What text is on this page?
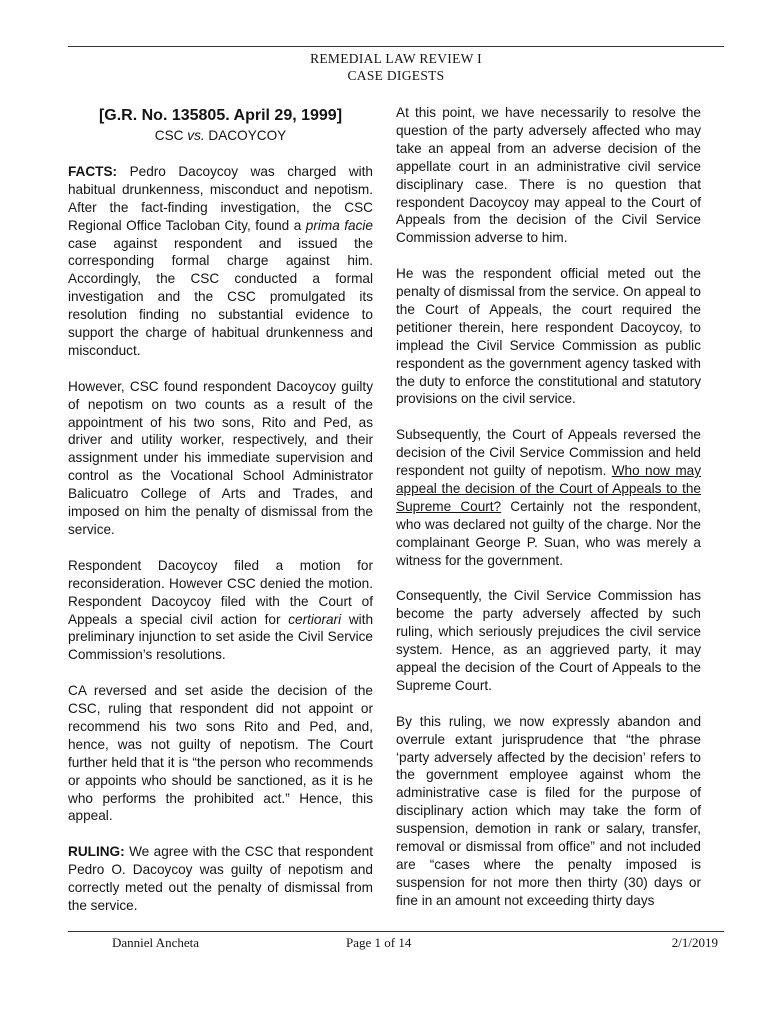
REMEDIAL LAW REVIEW I
CASE DIGESTS
[G.R. No. 135805. April 29, 1999]
CSC vs. DACOYCOY

FACTS: Pedro Dacoycoy was charged with habitual drunkenness, misconduct and nepotism. After the fact-finding investigation, the CSC Regional Office Tacloban City, found a prima facie case against respondent and issued the corresponding formal charge against him. Accordingly, the CSC conducted a formal investigation and the CSC promulgated its resolution finding no substantial evidence to support the charge of habitual drunkenness and misconduct.

However, CSC found respondent Dacoycoy guilty of nepotism on two counts as a result of the appointment of his two sons, Rito and Ped, as driver and utility worker, respectively, and their assignment under his immediate supervision and control as the Vocational School Administrator Balicuatro College of Arts and Trades, and imposed on him the penalty of dismissal from the service.

Respondent Dacoycoy filed a motion for reconsideration. However CSC denied the motion. Respondent Dacoycoy filed with the Court of Appeals a special civil action for certiorari with preliminary injunction to set aside the Civil Service Commission’s resolutions.

CA reversed and set aside the decision of the CSC, ruling that respondent did not appoint or recommend his two sons Rito and Ped, and, hence, was not guilty of nepotism. The Court further held that it is “the person who recommends or appoints who should be sanctioned, as it is he who performs the prohibited act.” Hence, this appeal.

RULING: We agree with the CSC that respondent Pedro O. Dacoycoy was guilty of nepotism and correctly meted out the penalty of dismissal from the service.

At this point, we have necessarily to resolve the question of the party adversely affected who may take an appeal from an adverse decision of the appellate court in an administrative civil service disciplinary case. There is no question that respondent Dacoycoy may appeal to the Court of Appeals from the decision of the Civil Service Commission adverse to him.

He was the respondent official meted out the penalty of dismissal from the service. On appeal to the Court of Appeals, the court required the petitioner therein, here respondent Dacoycoy, to implead the Civil Service Commission as public respondent as the government agency tasked with the duty to enforce the constitutional and statutory provisions on the civil service.

Subsequently, the Court of Appeals reversed the decision of the Civil Service Commission and held respondent not guilty of nepotism. Who now may appeal the decision of the Court of Appeals to the Supreme Court? Certainly not the respondent, who was declared not guilty of the charge. Nor the complainant George P. Suan, who was merely a witness for the government.

Consequently, the Civil Service Commission has become the party adversely affected by such ruling, which seriously prejudices the civil service system. Hence, as an aggrieved party, it may appeal the decision of the Court of Appeals to the Supreme Court.

By this ruling, we now expressly abandon and overrule extant jurisprudence that “the phrase ‘party adversely affected by the decision’ refers to the government employee against whom the administrative case is filed for the purpose of disciplinary action which may take the form of suspension, demotion in rank or salary, transfer, removal or dismissal from office” and not included are “cases where the penalty imposed is suspension for not more then thirty (30) days or fine in an amount not exceeding thirty days

Danniel Ancheta	Page 1 of 14	2/1/2019
